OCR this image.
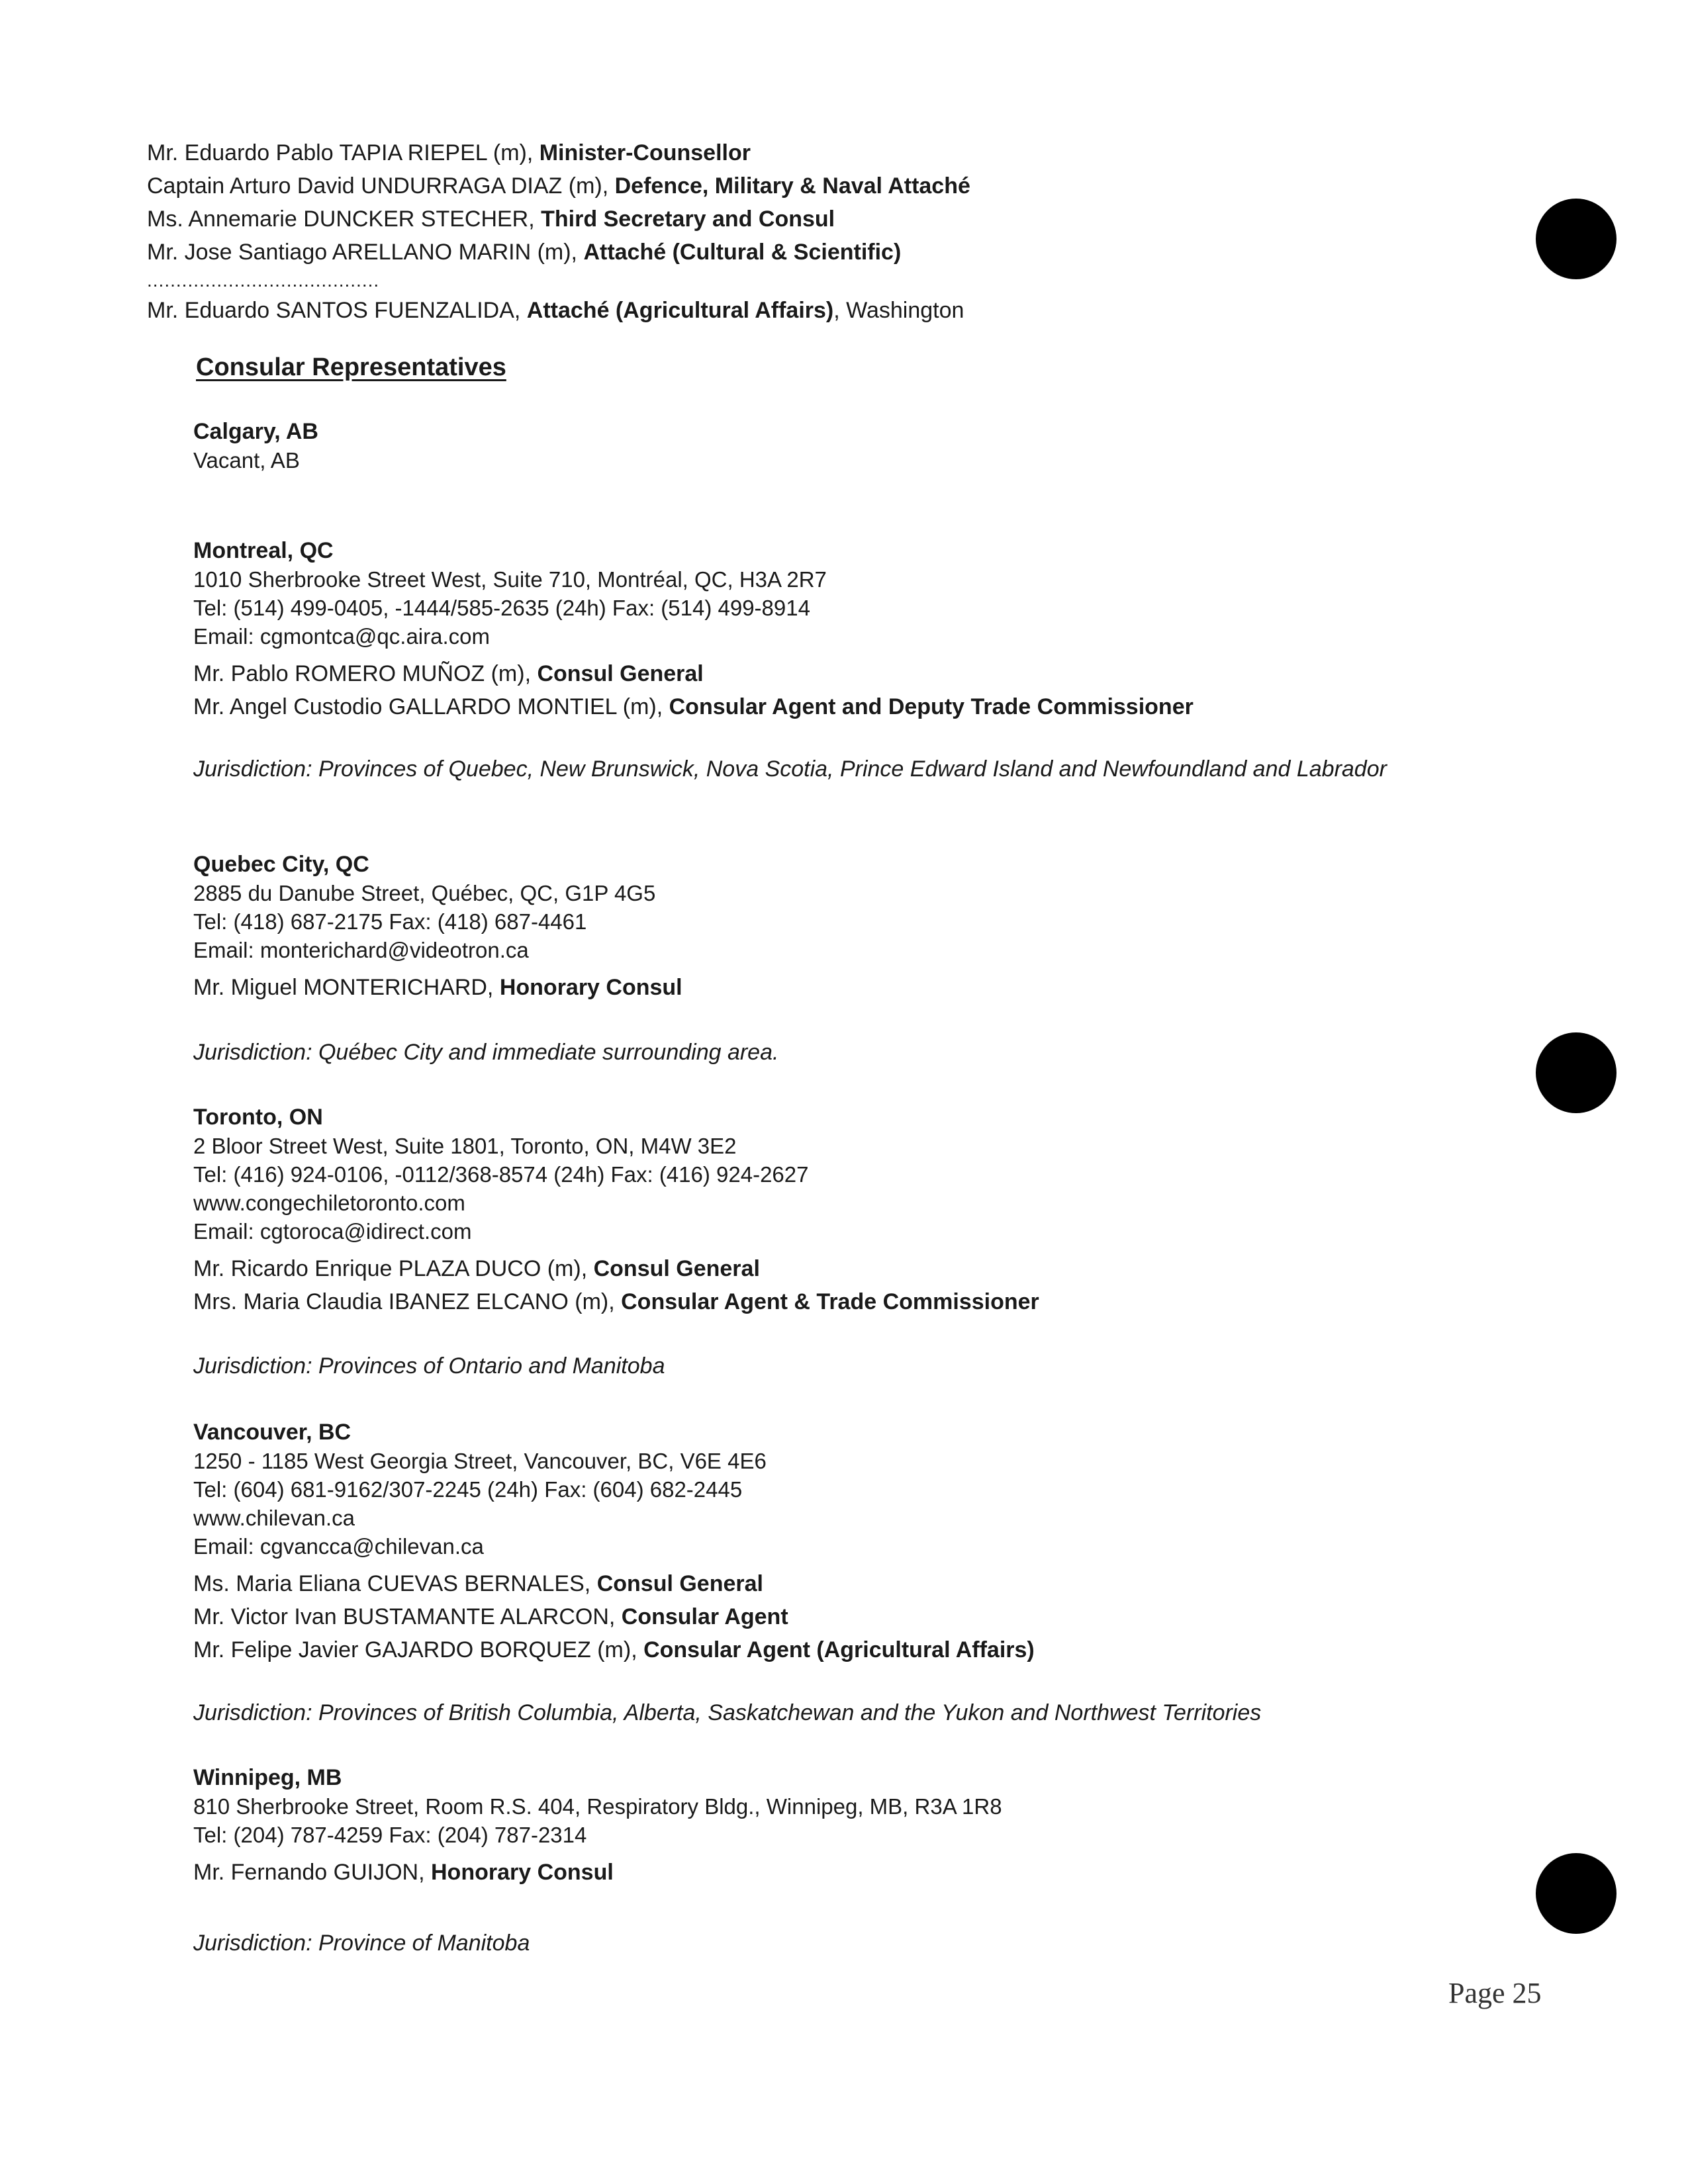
Mr. Eduardo Pablo TAPIA RIEPEL (m), Minister-Counsellor
Captain Arturo David UNDURRAGA DIAZ (m), Defence, Military & Naval Attaché
Ms. Annemarie DUNCKER STECHER, Third Secretary and Consul
Mr. Jose Santiago ARELLANO MARIN (m), Attaché (Cultural & Scientific)
........................................
Mr. Eduardo SANTOS FUENZALIDA, Attaché (Agricultural Affairs), Washington
Consular Representatives
Calgary, AB
Vacant, AB
Montreal, QC
1010 Sherbrooke Street West, Suite 710, Montréal, QC, H3A 2R7
Tel: (514) 499-0405, -1444/585-2635 (24h) Fax: (514) 499-8914
Email: cgmontca@qc.aira.com
Mr. Pablo ROMERO MUÑOZ (m), Consul General
Mr. Angel Custodio GALLARDO MONTIEL (m), Consular Agent and Deputy Trade Commissioner
Jurisdiction: Provinces of Quebec, New Brunswick, Nova Scotia, Prince Edward Island and Newfoundland and Labrador
Quebec City, QC
2885 du Danube Street, Québec, QC, G1P 4G5
Tel: (418) 687-2175 Fax: (418) 687-4461
Email: monterichard@videotron.ca
Mr. Miguel MONTERICHARD, Honorary Consul
Jurisdiction: Québec City and immediate surrounding area.
Toronto, ON
2 Bloor Street West, Suite 1801, Toronto, ON, M4W 3E2
Tel: (416) 924-0106, -0112/368-8574 (24h) Fax: (416) 924-2627
www.congechiletoronto.com
Email: cgtoroca@idirect.com
Mr. Ricardo Enrique PLAZA DUCO (m), Consul General
Mrs. Maria Claudia IBANEZ ELCANO (m), Consular Agent & Trade Commissioner
Jurisdiction: Provinces of Ontario and Manitoba
Vancouver, BC
1250 - 1185 West Georgia Street, Vancouver, BC, V6E 4E6
Tel: (604) 681-9162/307-2245 (24h) Fax: (604) 682-2445
www.chilevan.ca
Email: cgvancca@chilevan.ca
Ms. Maria Eliana CUEVAS BERNALES, Consul General
Mr. Victor Ivan BUSTAMANTE ALARCON, Consular Agent
Mr. Felipe Javier GAJARDO BORQUEZ (m), Consular Agent (Agricultural Affairs)
Jurisdiction: Provinces of British Columbia, Alberta, Saskatchewan and the Yukon and Northwest Territories
Winnipeg, MB
810 Sherbrooke Street, Room R.S. 404, Respiratory Bldg., Winnipeg, MB, R3A 1R8
Tel: (204) 787-4259 Fax: (204) 787-2314
Mr. Fernando GUIJON, Honorary Consul
Jurisdiction: Province of Manitoba
Page 25
